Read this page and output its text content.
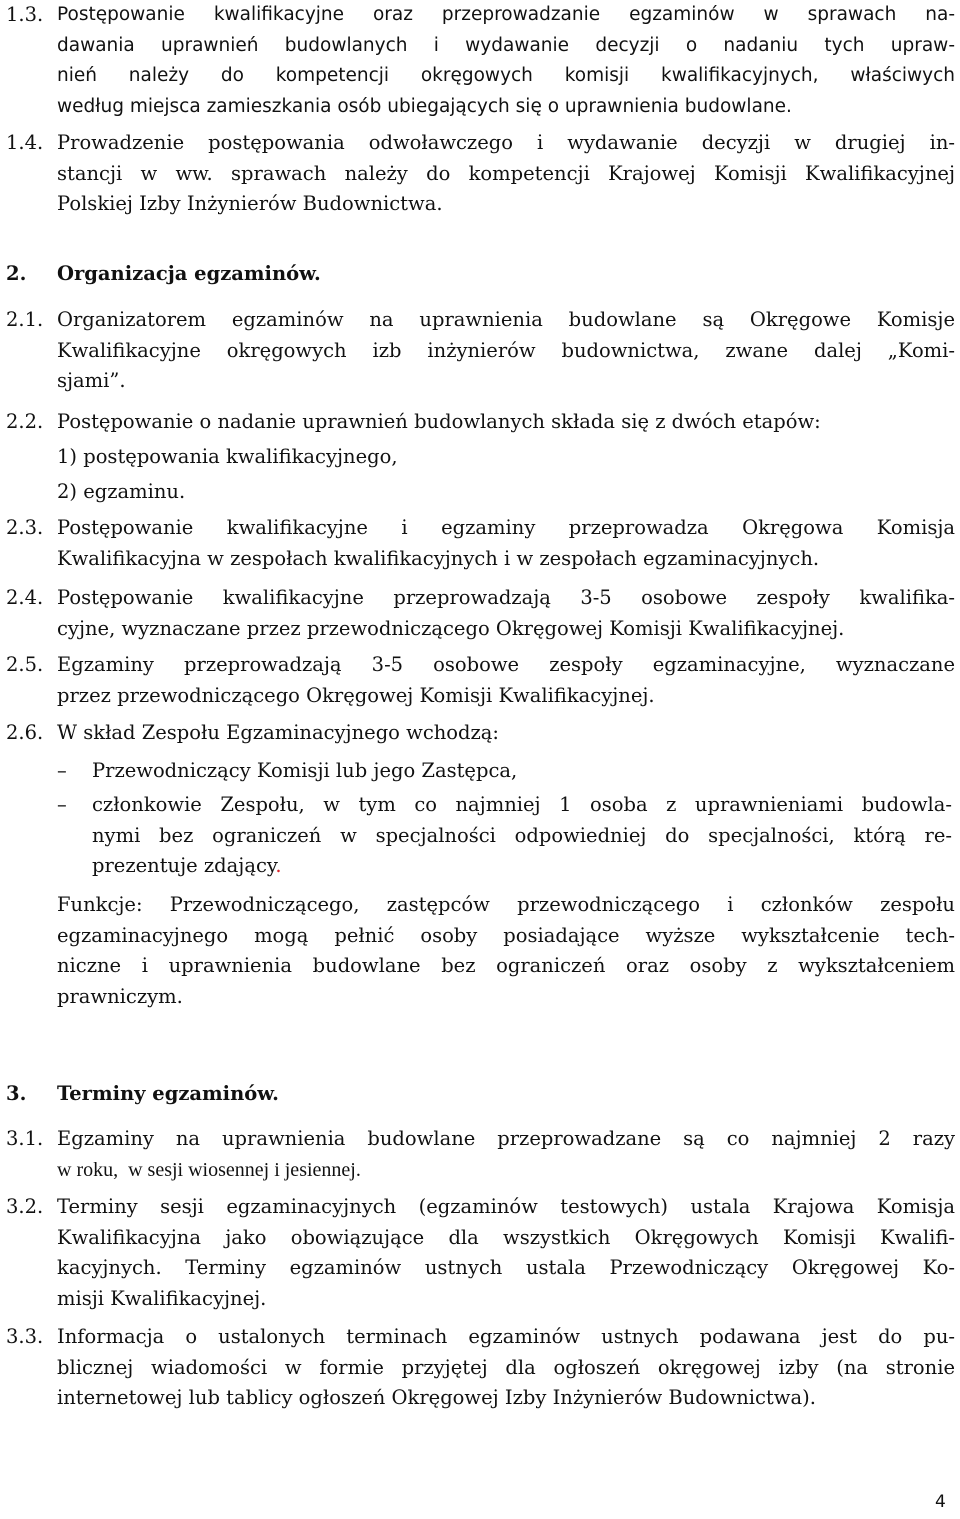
1.3. Postępowanie kwalifikacyjne oraz przeprowadzanie egzaminów w sprawach na-
dawania uprawnień budowlanych i wydawanie decyzji o nadaniu tych upraw-
nień należy do kompetencji okręgowych komisji kwalifikacyjnych, właściwych
według miejsca zamieszkania osób ubiegających się o uprawnienia budowlane.
1.4. Prowadzenie postępowania odwoławczego i wydawanie decyzji w drugiej in-
stancji w ww. sprawach należy do kompetencji Krajowej Komisji Kwalifikacyjnej
Polskiej Izby Inżynierów Budownictwa.
2. Organizacja egzaminów.
2.1. Organizatorem egzaminów na uprawnienia budowlane są Okręgowe Komisje
Kwalifikacyjne okręgowych izb inżynierów budownictwa, zwane dalej „Komi-
sjami”.
2.2. Postępowanie o nadanie uprawnień budowlanych składa się z dwóch etapów:
1) postępowania kwalifikacyjnego,
2) egzaminu.
2.3. Postępowanie kwalifikacyjne i egzaminy przeprowadza Okręgowa Komisja
Kwalifikacyjna w zespołach kwalifikacyjnych i w zespołach egzaminacyjnych.
2.4. Postępowanie kwalifikacyjne przeprowadzają 3-5 osobowe zespoły kwalifika-
cyjne, wyznaczane przez przewodniczącego Okręgowej Komisji Kwalifikacyjnej.
2.5. Egzaminy przeprowadzają 3-5 osobowe zespoły egzaminacyjne, wyznaczane
przez przewodniczącego Okręgowej Komisji Kwalifikacyjnej.
2.6. W skład Zespołu Egzaminacyjnego wchodzą:
– Przewodniczący Komisji lub jego Zastępca,
– członkowie Zespołu, w tym co najmniej 1 osoba z uprawnieniami budowla-
nymi bez ograniczeń w specjalności odpowiedniej do specjalności, którą re-
prezentuje zdający.
Funkcje: Przewodniczącego, zastępców przewodniczącego i członków zespołu
egzaminacyjnego mogą pełnić osoby posiadające wyższe wykształcenie tech-
niczne i uprawnienia budowlane bez ograniczeń oraz osoby z wykształceniem
prawniczym.
3. Terminy egzaminów.
3.1. Egzaminy na uprawnienia budowlane przeprowadzane są co najmniej 2 razy
w roku,  w sesji wiosennej i jesiennej.
3.2. Terminy sesji egzaminacyjnych (egzaminów testowych) ustala Krajowa Komisja
Kwalifikacyjna jako obowiązujące dla wszystkich Okręgowych Komisji Kwalifi-
kacyjnych. Terminy egzaminów ustnych ustala Przewodniczący Okręgowej Ko-
misji Kwalifikacyjnej.
3.3. Informacja o ustalonych terminach egzaminów ustnych podawana jest do pu-
blicznej wiadomości w formie przyjętej dla ogłoszeń okręgowej izby (na stronie
internetowej lub tablicy ogłoszeń Okręgowej Izby Inżynierów Budownictwa).
4
